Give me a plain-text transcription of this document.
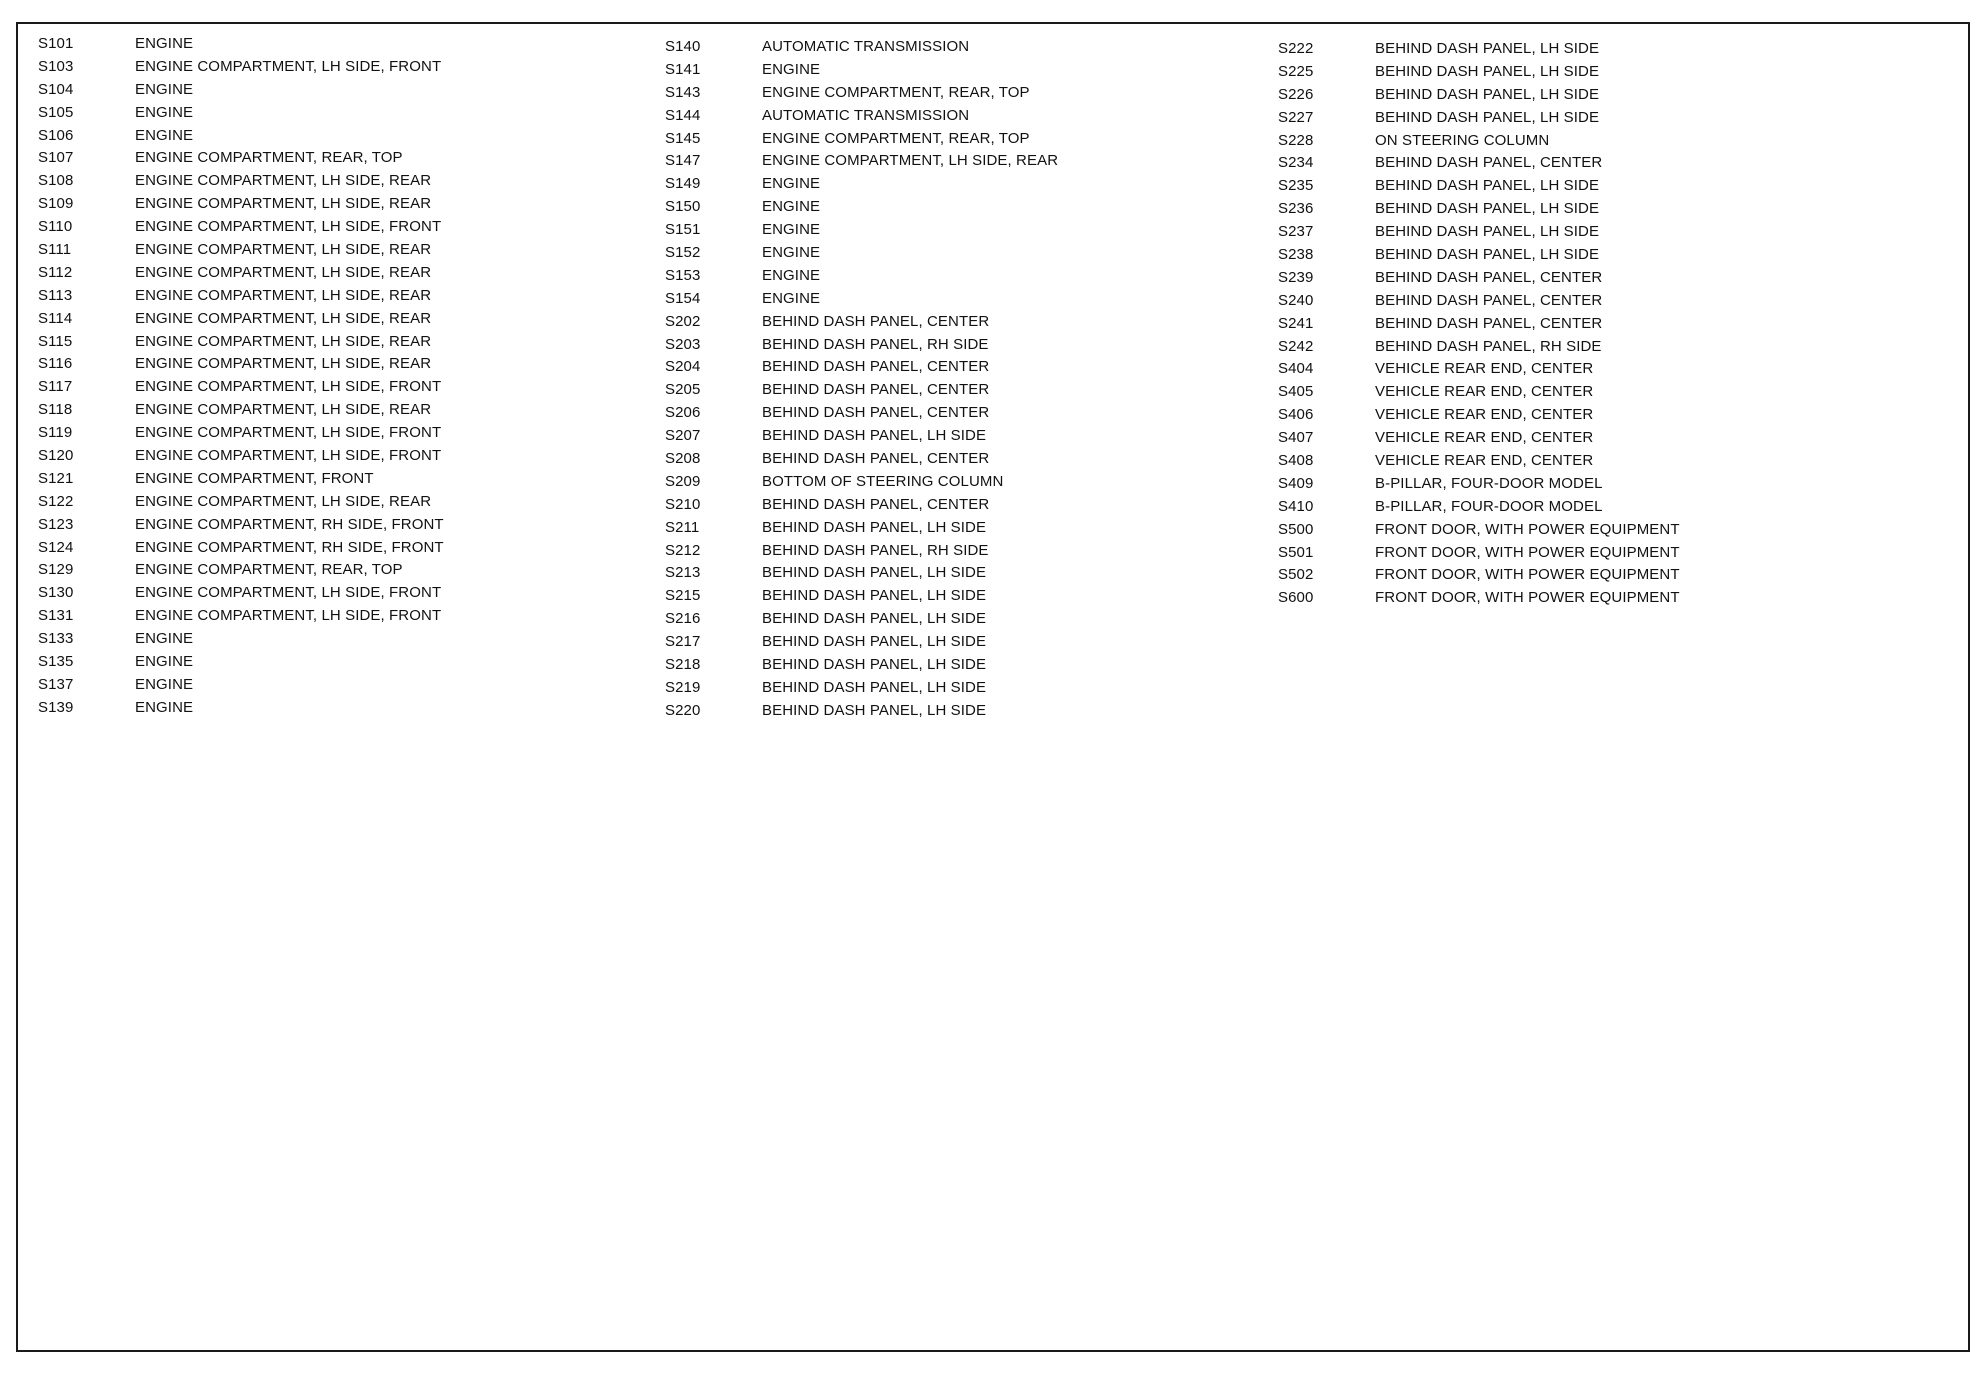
S101	ENGINE
S103	ENGINE COMPARTMENT, LH SIDE, FRONT
S104	ENGINE
S105	ENGINE
S106	ENGINE
S107	ENGINE COMPARTMENT, REAR, TOP
S108	ENGINE COMPARTMENT, LH SIDE, REAR
S109	ENGINE COMPARTMENT, LH SIDE, REAR
S110	ENGINE COMPARTMENT, LH SIDE, FRONT
S111	ENGINE COMPARTMENT, LH SIDE, REAR
S112	ENGINE COMPARTMENT, LH SIDE, REAR
S113	ENGINE COMPARTMENT, LH SIDE, REAR
S114	ENGINE COMPARTMENT, LH SIDE, REAR
S115	ENGINE COMPARTMENT, LH SIDE, REAR
S116	ENGINE COMPARTMENT, LH SIDE, REAR
S117	ENGINE COMPARTMENT, LH SIDE, FRONT
S118	ENGINE COMPARTMENT, LH SIDE, REAR
S119	ENGINE COMPARTMENT, LH SIDE, FRONT
S120	ENGINE COMPARTMENT, LH SIDE, FRONT
S121	ENGINE COMPARTMENT, FRONT
S122	ENGINE COMPARTMENT, LH SIDE, REAR
S123	ENGINE COMPARTMENT, RH SIDE, FRONT
S124	ENGINE COMPARTMENT, RH SIDE, FRONT
S129	ENGINE COMPARTMENT, REAR, TOP
S130	ENGINE COMPARTMENT, LH SIDE, FRONT
S131	ENGINE COMPARTMENT, LH SIDE, FRONT
S133	ENGINE
S135	ENGINE
S137	ENGINE
S139	ENGINE
S140	AUTOMATIC TRANSMISSION
S141	ENGINE
S143	ENGINE COMPARTMENT, REAR, TOP
S144	AUTOMATIC TRANSMISSION
S145	ENGINE COMPARTMENT, REAR, TOP
S147	ENGINE COMPARTMENT, LH SIDE, REAR
S149	ENGINE
S150	ENGINE
S151	ENGINE
S152	ENGINE
S153	ENGINE
S154	ENGINE
S202	BEHIND DASH PANEL, CENTER
S203	BEHIND DASH PANEL, RH SIDE
S204	BEHIND DASH PANEL, CENTER
S205	BEHIND DASH PANEL, CENTER
S206	BEHIND DASH PANEL, CENTER
S207	BEHIND DASH PANEL, LH SIDE
S208	BEHIND DASH PANEL, CENTER
S209	BOTTOM OF STEERING COLUMN
S210	BEHIND DASH PANEL, CENTER
S211	BEHIND DASH PANEL, LH SIDE
S212	BEHIND DASH PANEL, RH SIDE
S213	BEHIND DASH PANEL, LH SIDE
S215	BEHIND DASH PANEL, LH SIDE
S216	BEHIND DASH PANEL, LH SIDE
S217	BEHIND DASH PANEL, LH SIDE
S218	BEHIND DASH PANEL, LH SIDE
S219	BEHIND DASH PANEL, LH SIDE
S220	BEHIND DASH PANEL, LH SIDE
S222	BEHIND DASH PANEL, LH SIDE
S225	BEHIND DASH PANEL, LH SIDE
S226	BEHIND DASH PANEL, LH SIDE
S227	BEHIND DASH PANEL, LH SIDE
S228	ON STEERING COLUMN
S234	BEHIND DASH PANEL, CENTER
S235	BEHIND DASH PANEL, LH SIDE
S236	BEHIND DASH PANEL, LH SIDE
S237	BEHIND DASH PANEL, LH SIDE
S238	BEHIND DASH PANEL, LH SIDE
S239	BEHIND DASH PANEL, CENTER
S240	BEHIND DASH PANEL, CENTER
S241	BEHIND DASH PANEL, CENTER
S242	BEHIND DASH PANEL, RH SIDE
S404	VEHICLE REAR END, CENTER
S405	VEHICLE REAR END, CENTER
S406	VEHICLE REAR END, CENTER
S407	VEHICLE REAR END, CENTER
S408	VEHICLE REAR END, CENTER
S409	B-PILLAR, FOUR-DOOR MODEL
S410	B-PILLAR, FOUR-DOOR MODEL
S500	FRONT DOOR, WITH POWER EQUIPMENT
S501	FRONT DOOR, WITH POWER EQUIPMENT
S502	FRONT DOOR, WITH POWER EQUIPMENT
S600	FRONT DOOR, WITH POWER EQUIPMENT
